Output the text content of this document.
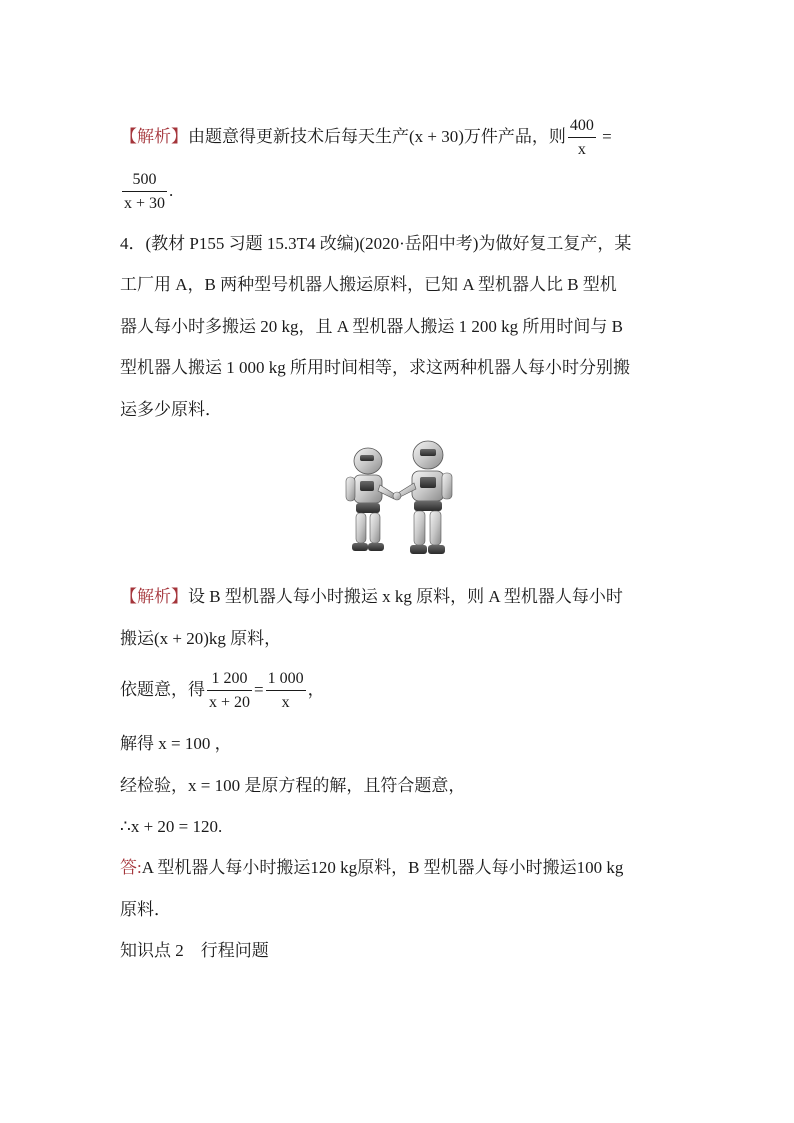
【解析】由题意得更新技术后每天生产(x + 30)万件产品，则 $\frac{400}{x}$ =
$\frac{500}{x + 30}$ .
4．(教材 P155 习题 15.3T4 改编)(2020·岳阳中考)为做好复工复产，某
工厂用 A，B 两种型号机器人搬运原料，已知 A 型机器人比 B 型机
器人每小时多搬运 20 kg，且 A 型机器人搬运 1 200 kg 所用时间与 B
型机器人搬运 1 000 kg 所用时间相等，求这两种机器人每小时分别搬
运多少原料．
【解析】设 B 型机器人每小时搬运 x kg 原料，则 A 型机器人每小时
搬运(x + 20)kg 原料，
依题意，得 $\frac{1 200}{x + 20} = \frac{1 000}{x}$ ，
解得 x = 100 ，
经检验，x = 100 是原方程的解，且符合题意，
∴x + 20 = 120.
答:A 型机器人每小时搬运120 kg原料，B 型机器人每小时搬运100 kg
原料．
知识点 2　行程问题
